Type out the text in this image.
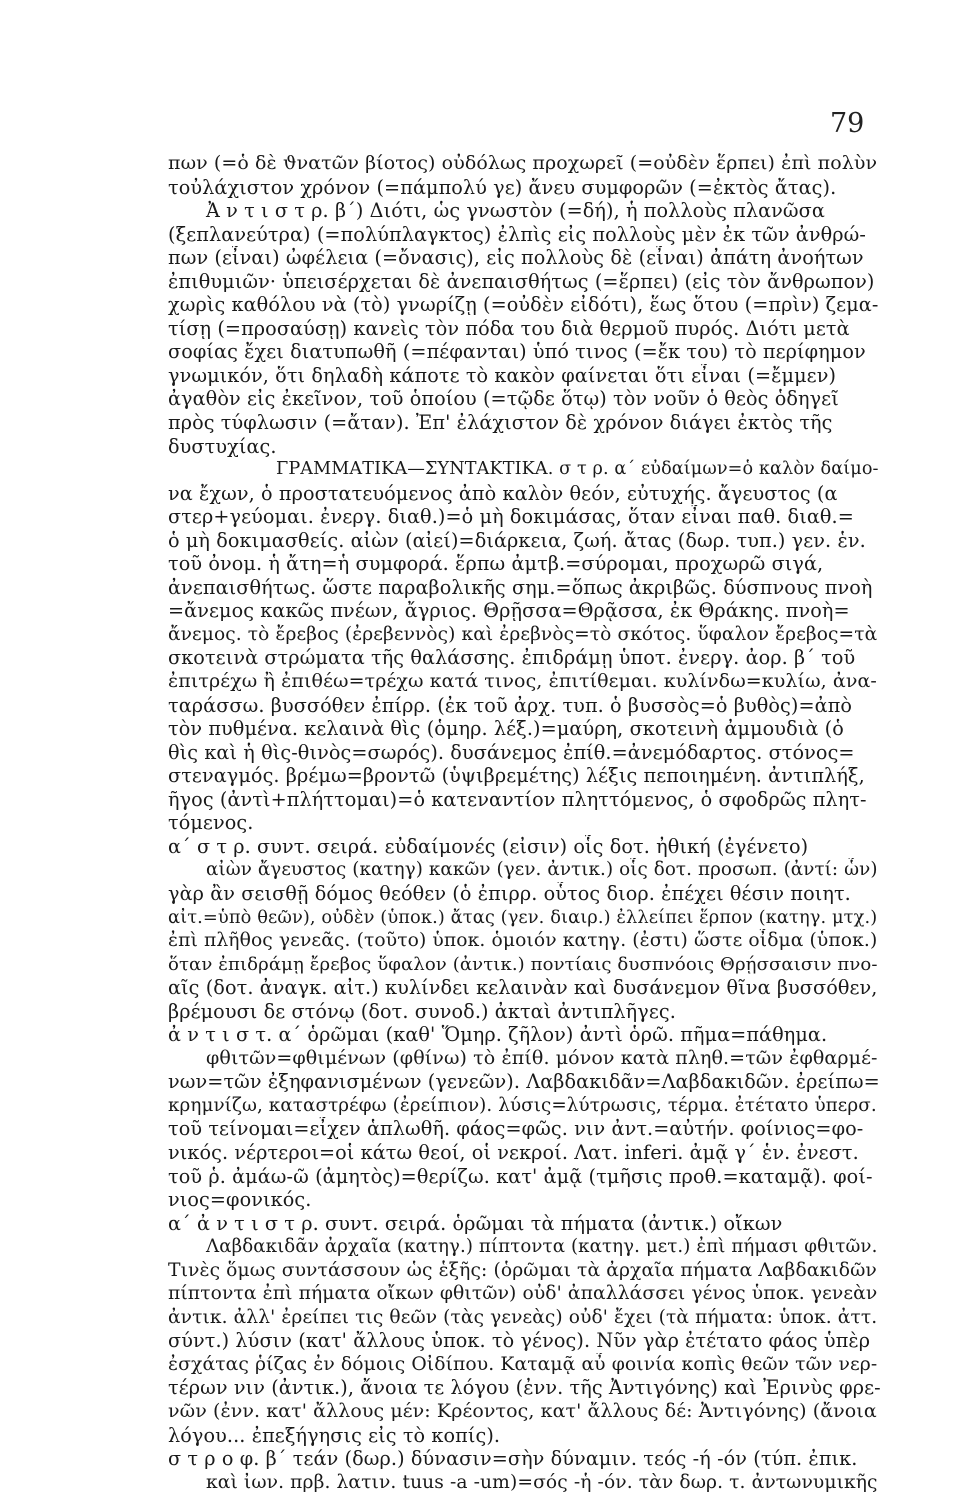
79
πων (=ὁ δὲ ϑνατῶν βίοτος) οὐδόλως προχωρεῖ (=οὐδὲν ἕρπει) ἐπὶ πολὺν
τοὐλάχιστον χρόνον (=πάμπολύ γε) ἄνευ συμφορῶν (=ἐκτὸς ἄτας).
Ἀ ν τ ι σ τ ρ. β΄) Διότι, ὡς γνωστὸν (=δή), ἡ πολλοὺς πλανῶσα
(ξεπλανεύτρα) (=πολύπλαγκτος) ἐλπὶς εἰς πολλοὺς μὲν ἐκ τῶν ἀνθρώ-
πων (εἶναι) ὠφέλεια (=ὄνασις), εἰς πολλοὺς δὲ (εἶναι) ἀπάτη ἀνοήτων
ἐπιθυμιῶν· ὑπεισέρχεται δὲ ἀνεπαισθήτως (=ἕρπει) (εἰς τὸν ἄνθρωπον)
χωρὶς καθόλου νὰ (τὸ) γνωρίζῃ (=οὐδὲν εἰδότι), ἕως ὅτου (=πρὶν) ζεμα-
τίσῃ (=προσαύσῃ) κανεὶς τὸν πόδα του διὰ θερμοῦ πυρός. Διότι μετὰ
σοφίας ἔχει διατυπωθῆ (=πέφανται) ὑπό τινος (=ἔκ του) τὸ περίφημον
γνωμικόν, ὅτι δηλαδὴ κάποτε τὸ κακὸν φαίνεται ὅτι εἶναι (=ἔμμεν)
ἀγαθὸν εἰς ἐκεῖνον, τοῦ ὁποίου (=τῷδε ὅτῳ) τὸν νοῦν ὁ θεὸς ὁδηγεῖ
πρὸς τύφλωσιν (=ἄταν). Ἐπ' ἐλάχιστον δὲ χρόνον διάγει ἐκτὸς τῆς
δυστυχίας.
ΓΡΑΜΜΑΤΙΚΑ—ΣΥΝΤΑΚΤΙΚΑ. σ τ ρ. α΄ εὐδαίμων=ὁ καλὸν δαίμο-
να ἔχων, ὁ προστατευόμενος ἀπὸ καλὸν θεόν, εὐτυχής. ἄγευστος (α
στερ+γεύομαι. ἐνεργ. διαθ.)=ὁ μὴ δοκιμάσας, ὅταν εἶναι παθ. διαθ.=
ὁ μὴ δοκιμασθείς. αἰὼν (αἰεί)=διάρκεια, ζωή. ἄτας (δωρ. τυπ.) γεν. ἑν.
τοῦ ὀνομ. ἡ ἄτη=ἡ συμφορά. ἕρπω ἀμτβ.=σύρομαι, προχωρῶ σιγά,
ἀνεπαισθήτως. ὥστε παραβολικῆς σημ.=ὅπως ἀκριβῶς. δύσπνους πνοὴ
=ἄνεμος κακῶς πνέων, ἄγριος. Θρῇσσα=Θρᾷσσα, ἐκ Θράκης. πνοὴ=
ἄνεμος. τὸ ἔρεβος (ἐρεβεννὸς) καὶ ἐρεβνὸς=τὸ σκότος. ὕφαλον ἔρεβος=τὰ
σκοτεινὰ στρώματα τῆς θαλάσσης. ἐπιδράμῃ ὑποτ. ἐνεργ. ἀορ. β΄ τοῦ
ἐπιτρέχω ἢ ἐπιθέω=τρέχω κατά τινος, ἐπιτίθεμαι. κυλίνδω=κυλίω, ἀνα-
ταράσσω. βυσσόθεν ἐπίρρ. (ἐκ τοῦ ἀρχ. τυπ. ὁ βυσσὸς=ὁ βυθὸς)=ἀπὸ
τὸν πυθμένα. κελαινὰ θὶς (ὁμηρ. λέξ.)=μαύρη, σκοτεινὴ ἀμμουδιὰ (ὁ
θὶς καὶ ἡ θὶς-θινὸς=σωρός). δυσάνεμος ἐπίθ.=ἀνεμόδαρτος. στόνος=
στεναγμός. βρέμω=βροντῶ (ὑψιβρεμέτης) λέξις πεποιημένη. ἀντιπλήξ,
ῆγος (ἀντὶ+πλήττομαι)=ὁ κατεναντίον πληττόμενος, ὁ σφοδρῶς πλητ-
τόμενος.
α΄ σ τ ρ. συντ. σειρά. εὐδαίμονές (εἰσιν) οἷς δοτ. ἠθική (ἐγένετο)
αἰὼν ἄγευστος (κατηγ) κακῶν (γεν. ἀντικ.) οἷς δοτ. προσωπ. (ἀντί: ὧν)
γὰρ ἂν σεισθῇ δόμος θεόθεν (ὁ ἐπιρρ. οὗτος διορ. ἐπέχει θέσιν ποιητ.
αἰτ.=ὑπὸ θεῶν), οὐδὲν (ὑποκ.) ἄτας (γεν. διαιρ.) ἐλλείπει ἕρπον (κατηγ. μτχ.)
ἐπὶ πλῆθος γενεᾶς. (τοῦτο) ὑποκ. ὁμοιόν κατηγ. (ἐστι) ὥστε οἶδμα (ὑποκ.)
ὅταν ἐπιδράμῃ ἔρεβος ὕφαλον (ἀντικ.) ποντίαις δυσπνόοις Θρῄσσαισιν πνο-
αῖς (δοτ. ἀναγκ. αἰτ.) κυλίνδει κελαινὰν καὶ δυσάνεμον θῖνα βυσσόθεν,
βρέμουσι δε στόνῳ (δοτ. συνοδ.) ἀκταὶ ἀντιπλῆγες.
ἀ ν τ ι σ τ. α΄ ὁρῶμαι (καθ' Ὅμηρ. ζῆλον) ἀντὶ ὁρῶ. πῆμα=πάθημα.
φθιτῶν=φθιμένων (φθίνω) τὸ ἐπίθ. μόνον κατὰ πληθ.=τῶν ἐφθαρμέ-
νων=τῶν ἐξηφανισμένων (γενεῶν). Λαβδακιδᾶν=Λαβδακιδῶν. ἐρείπω=
κρημνίζω, καταστρέφω (ἐρείπιον). λύσις=λύτρωσις, τέρμα. ἐτέτατο ὑπερσ.
τοῦ τείνομαι=εἶχεν ἁπλωθῆ. φάος=φῶς. νιν ἀντ.=αὐτήν. φοίνιος=φο-
νικός. νέρτεροι=οἱ κάτω θεοί, οἱ νεκροί. Λατ. inferi. ἀμᾷ γ΄ ἑν. ἐνεστ.
τοῦ ῥ. ἀμάω-ῶ (ἀμητὸς)=θερίζω. κατ' ἀμᾷ (τμῆσις προθ.=καταμᾷ). φοί-
νιος=φονικός.
α΄ ἀ ν τ ι σ τ ρ. συντ. σειρά. ὁρῶμαι τὰ πήματα (ἀντικ.) οἴκων
Λαβδακιδᾶν ἀρχαῖα (κατηγ.) πίπτοντα (κατηγ. μετ.) ἐπὶ πήμασι φθιτῶν.
Τινὲς ὅμως συντάσσουν ὡς ἑξῆς: (ὁρῶμαι τὰ ἀρχαῖα πήματα Λαβδακιδῶν
πίπτοντα ἐπὶ πήματα οἴκων φθιτῶν) οὐδ' ἀπαλλάσσει γένος ὑποκ. γενεὰν
ἀντικ. ἀλλ' ἐρείπει τις θεῶν (τὰς γενεὰς) οὐδ' ἔχει (τὰ πήματα: ὑποκ. ἀττ.
σύντ.) λύσιν (κατ' ἄλλους ὑποκ. τὸ γένος). Νῦν γὰρ ἐτέτατο φάος ὑπὲρ
ἐσχάτας ῥίζας ἐν δόμοις Οἰδίπου. Καταμᾷ αὖ φοινία κοπὶς θεῶν τῶν νερ-
τέρων νιν (ἀντικ.), ἄνοια τε λόγου (ἐνν. τῆς Ἀντιγόνης) καὶ Ἐρινὺς φρε-
νῶν (ἐνν. κατ' ἄλλους μέν: Κρέοντος, κατ' ἄλλους δέ: Ἀντιγόνης) (ἄνοια
λόγου... ἐπεξήγησις εἰς τὸ κοπίς).
σ τ ρ ο φ. β΄ τεάν (δωρ.) δύνασιν=σὴν δύναμιν. τεός -ή -όν (τύπ. ἐπικ.
καὶ ἰων. πρβ. λατιν. tuus -a -um)=σός -ἡ -όν. τὰν δωρ. τ. ἀντωνυμικῆς
